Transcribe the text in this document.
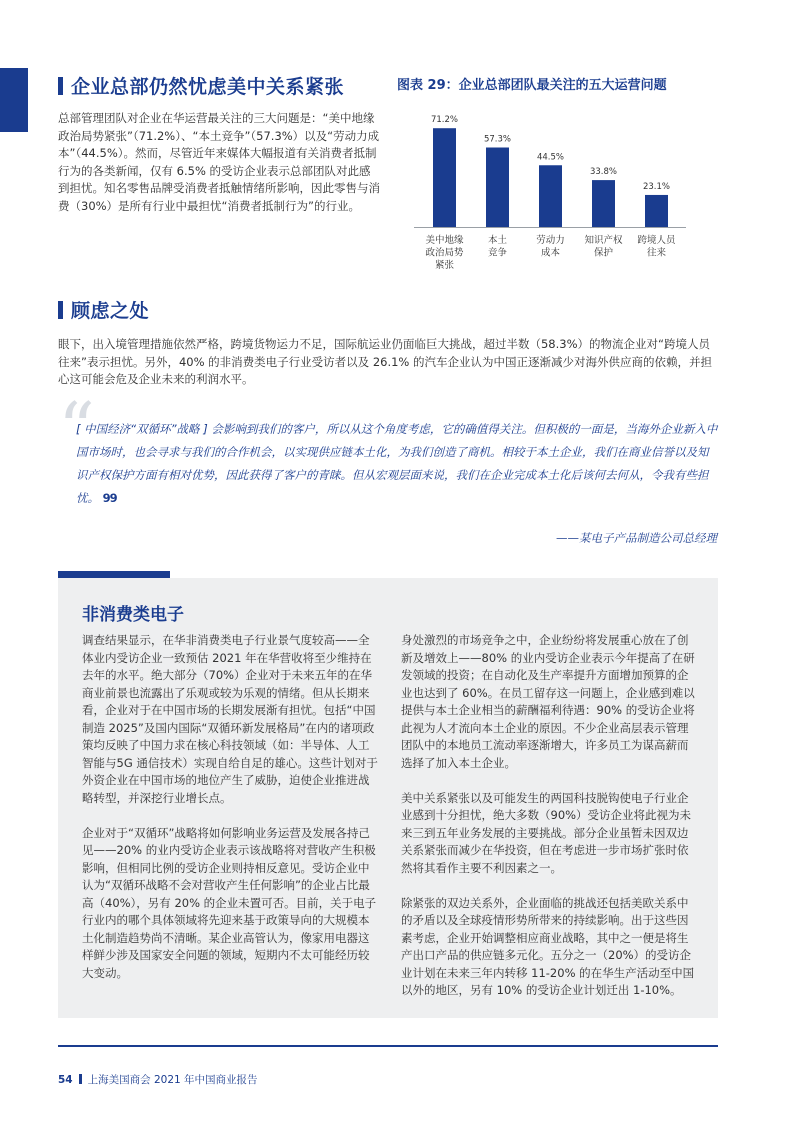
企业总部仍然忧虑美中关系紧张

总部管理团队对企业在华运营最关注的三大问题是：“美中地缘政治局势紧张”（71.2%）、“本土竞争”（57.3%）以及“劳动力成本”（44.5%）。然而，尽管近年来媒体大幅报道有关消费者抵制行为的各类新闻，仅有 6.5% 的受访企业表示总部团队对此感到担忧。知名零售品牌受消费者抵触情绪所影响，因此零售与消费（30%）是所有行业中最担忧“消费者抵制行为”的行业。

图表 29：企业总部团队最关注的五大运营问题
71.2%
美中地缘政治局势紧张
57.3%
本土竞争
44.5%
劳动力成本
33.8%
知识产权保护
23.1%
跨境人员往来
顾虑之处

眼下，出入境管理措施依然严格，跨境货物运力不足，国际航运业仍面临巨大挑战，超过半数（58.3%）的物流企业对“跨境人员往来”表示担忧。另外，40% 的非消费类电子行业受访者以及 26.1% 的汽车企业认为中国正逐渐减少对海外供应商的依赖，并担心这可能会危及企业未来的利润水平。

“

[ 中国经济“双循环”战略 ] 会影响到我们的客户，所以从这个角度考虑，它的确值得关注。但积极的一面是，当海外企业新入中国市场时，也会寻求与我们的合作机会，以实现供应链本土化，为我们创造了商机。相较于本土企业，我们在商业信誉以及知识产权保护方面有相对优势，因此获得了客户的青睐。但从宏观层面来说，我们在企业完成本土化后该何去何从，令我有些担忧。 99

——某电子产品制造公司总经理
非消费类电子

调查结果显示，在华非消费类电子行业景气度较高——全体业内受访企业一致预估 2021 年在华营收将至少维持在去年的水平。绝大部分（70%）企业对于未来五年的在华商业前景也流露出了乐观或较为乐观的情绪。但从长期来看，企业对于在中国市场的长期发展渐有担忧。包括“中国制造 2025”及国内国际“双循环新发展格局”在内的诸项政策均反映了中国力求在核心科技领域（如：半导体、人工智能与5G 通信技术）实现自给自足的雄心。这些计划对于外资企业在中国市场的地位产生了威胁，迫使企业推进战略转型，并深挖行业增长点。

企业对于“双循环”战略将如何影响业务运营及发展各持己见——20% 的业内受访企业表示该战略将对营收产生积极影响，但相同比例的受访企业则持相反意见。受访企业中认为“双循环战略不会对营收产生任何影响”的企业占比最高（40%），另有 20% 的企业未置可否。目前，关于电子行业内的哪个具体领域将先迎来基于政策导向的大规模本土化制造趋势尚不清晰。某企业高管认为，像家用电器这样鲜少涉及国家安全问题的领域，短期内不太可能经历较大变动。

身处激烈的市场竞争之中，企业纷纷将发展重心放在了创新及增效上——80% 的业内受访企业表示今年提高了在研发领域的投资；在自动化及生产率提升方面增加预算的企业也达到了 60%。在员工留存这一问题上，企业感到难以提供与本土企业相当的薪酬福利待遇：90% 的受访企业将此视为人才流向本土企业的原因。不少企业高层表示管理团队中的本地员工流动率逐渐增大，许多员工为谋高薪而选择了加入本土企业。

美中关系紧张以及可能发生的两国科技脱钩使电子行业企业感到十分担忧，绝大多数（90%）受访企业将此视为未来三到五年业务发展的主要挑战。部分企业虽暂未因双边关系紧张而减少在华投资，但在考虑进一步市场扩张时依然将其看作主要不利因素之一。

除紧张的双边关系外，企业面临的挑战还包括美欧关系中的矛盾以及全球疫情形势所带来的持续影响。出于这些因素考虑，企业开始调整相应商业战略，其中之一便是将生产出口产品的供应链多元化。五分之一（20%）的受访企业计划在未来三年内转移 11-20% 的在华生产活动至中国以外的地区，另有 10% 的受访企业计划迁出 1-10%。

54 上海美国商会 2021 年中国商业报告
